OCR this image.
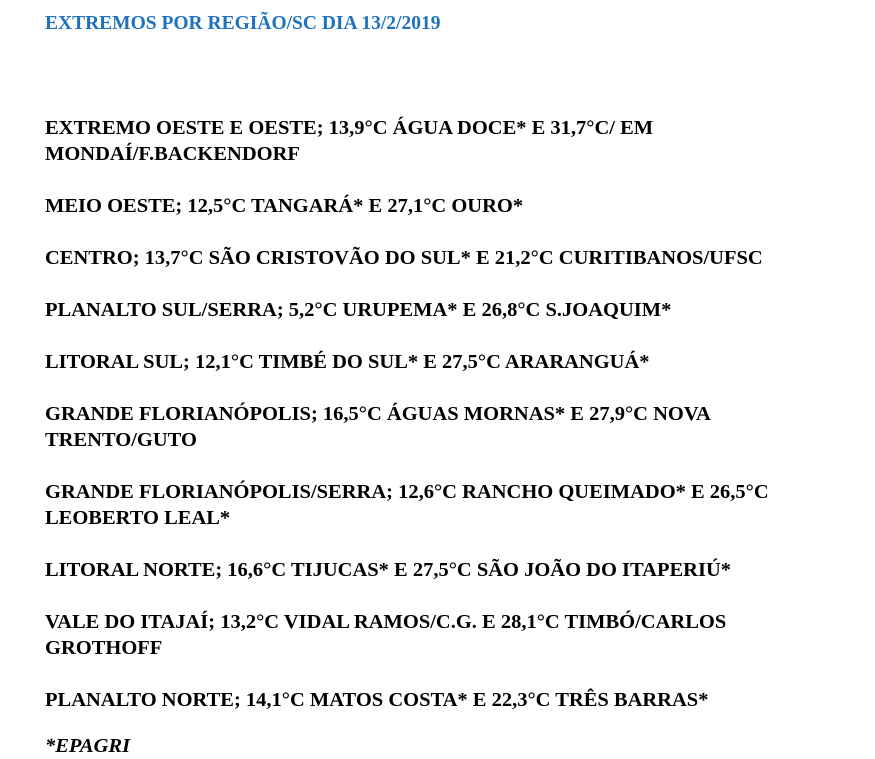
EXTREMOS POR REGIÃO/SC DIA 13/2/2019
EXTREMO OESTE E OESTE; 13,9°C ÁGUA DOCE* E 31,7°C/ EM MONDAÍ/F.BACKENDORF
MEIO OESTE; 12,5°C TANGARÁ* E 27,1°C OURO*
CENTRO; 13,7°C SÃO CRISTOVÃO DO SUL* E 21,2°C CURITIBANOS/UFSC
PLANALTO SUL/SERRA; 5,2°C URUPEMA* E 26,8°C S.JOAQUIM*
LITORAL SUL; 12,1°C TIMBÉ DO SUL* E 27,5°C ARARANGUÁ*
GRANDE FLORIANÓPOLIS; 16,5°C ÁGUAS MORNAS* E 27,9°C NOVA TRENTO/GUTO
GRANDE FLORIANÓPOLIS/SERRA; 12,6°C RANCHO QUEIMADO* E 26,5°C LEOBERTO LEAL*
LITORAL NORTE; 16,6°C TIJUCAS* E 27,5°C SÃO JOÃO DO ITAPERIÚ*
VALE DO ITAJAÍ; 13,2°C VIDAL RAMOS/C.G. E 28,1°C TIMBÓ/CARLOS GROTHOFF
PLANALTO NORTE; 14,1°C MATOS COSTA* E 22,3°C TRÊS BARRAS*
*EPAGRI
